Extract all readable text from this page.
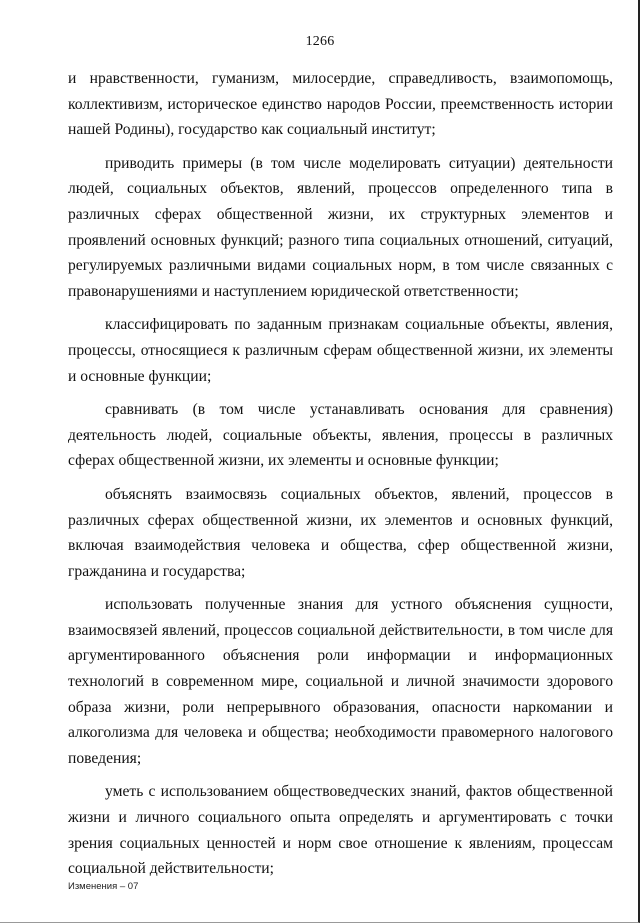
1266

и нравственности, гуманизм, милосердие, справедливость, взаимопомощь, коллективизм, историческое единство народов России, преемственность истории нашей Родины), государство как социальный институт;

приводить примеры (в том числе моделировать ситуации) деятельности людей, социальных объектов, явлений, процессов определенного типа в различных сферах общественной жизни, их структурных элементов и проявлений основных функций; разного типа социальных отношений, ситуаций, регулируемых различными видами социальных норм, в том числе связанных с правонарушениями и наступлением юридической ответственности;

классифицировать по заданным признакам социальные объекты, явления, процессы, относящиеся к различным сферам общественной жизни, их элементы и основные функции;

сравнивать (в том числе устанавливать основания для сравнения) деятельность людей, социальные объекты, явления, процессы в различных сферах общественной жизни, их элементы и основные функции;

объяснять взаимосвязь социальных объектов, явлений, процессов в различных сферах общественной жизни, их элементов и основных функций, включая взаимодействия человека и общества, сфер общественной жизни, гражданина и государства;

использовать полученные знания для устного объяснения сущности, взаимосвязей явлений, процессов социальной действительности, в том числе для аргументированного объяснения роли информации и информационных технологий в современном мире, социальной и личной значимости здорового образа жизни, роли непрерывного образования, опасности наркомании и алкоголизма для человека и общества; необходимости правомерного налогового поведения;

уметь с использованием обществоведческих знаний, фактов общественной жизни и личного социального опыта определять и аргументировать с точки зрения социальных ценностей и норм свое отношение к явлениям, процессам социальной действительности;

Изменения – 07
